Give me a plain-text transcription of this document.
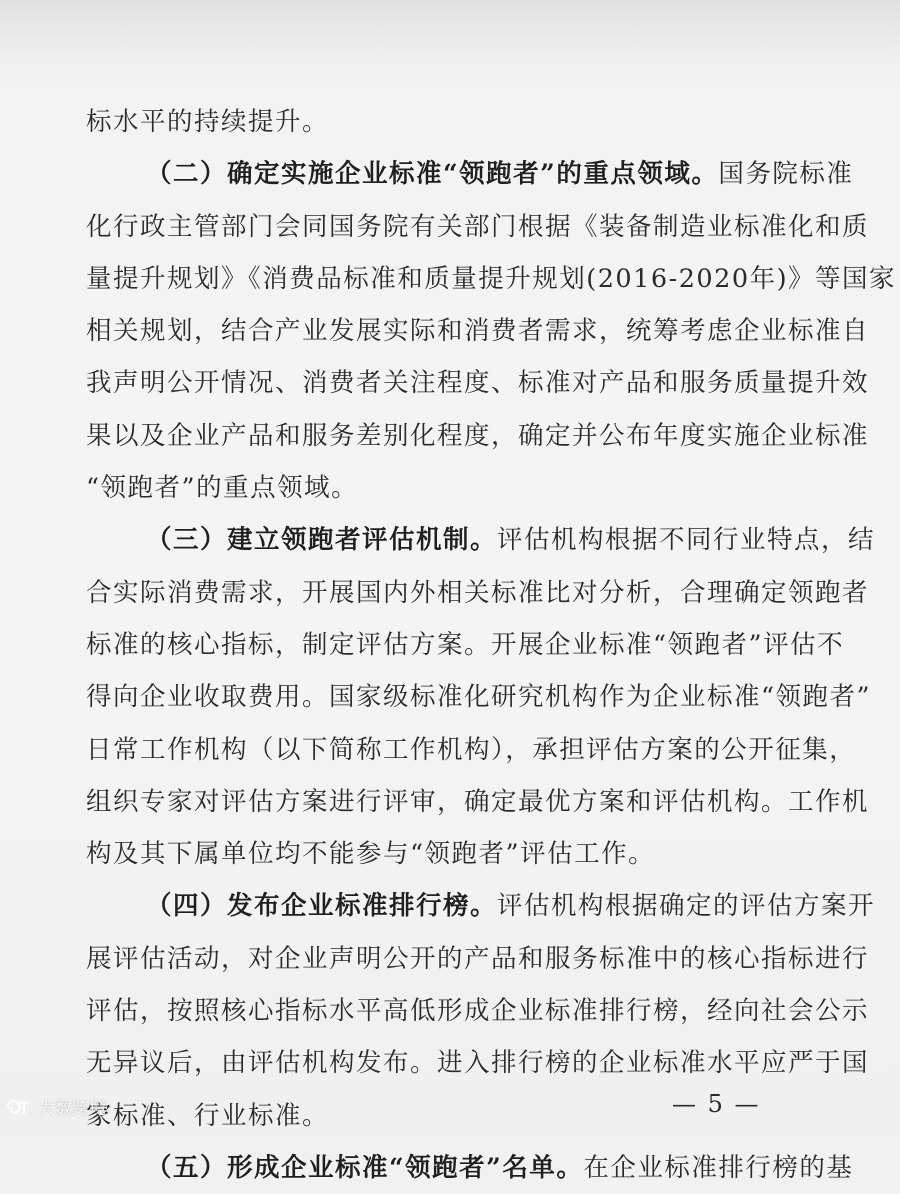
标水平的持续提升。
（二）确定实施企业标准“领跑者”的重点领域。国务院标准
化行政主管部门会同国务院有关部门根据《装备制造业标准化和质
量提升规划》《消费品标准和质量提升规划(2016-2020年)》等国家
相关规划，结合产业发展实际和消费者需求，统筹考虑企业标准自
我声明公开情况、消费者关注程度、标准对产品和服务质量提升效
果以及企业产品和服务差别化程度，确定并公布年度实施企业标准
“领跑者”的重点领域。
（三）建立领跑者评估机制。评估机构根据不同行业特点，结
合实际消费需求，开展国内外相关标准比对分析，合理确定领跑者
标准的核心指标，制定评估方案。开展企业标准“领跑者”评估不
得向企业收取费用。国家级标准化研究机构作为企业标准“领跑者”
日常工作机构（以下简称工作机构），承担评估方案的公开征集，
组织专家对评估方案进行评审，确定最优方案和评估机构。工作机
构及其下属单位均不能参与“领跑者”评估工作。
（四）发布企业标准排行榜。评估机构根据确定的评估方案开
展评估活动，对企业声明公开的产品和服务标准中的核心指标进行
评估，按照核心指标水平高低形成企业标准排行榜，经向社会公示
无异议后，由评估机构发布。进入排行榜的企业标准水平应严于国
家标准、行业标准。
（五）形成企业标准“领跑者”名单。在企业标准排行榜的基
— 5 —
大数跨境
